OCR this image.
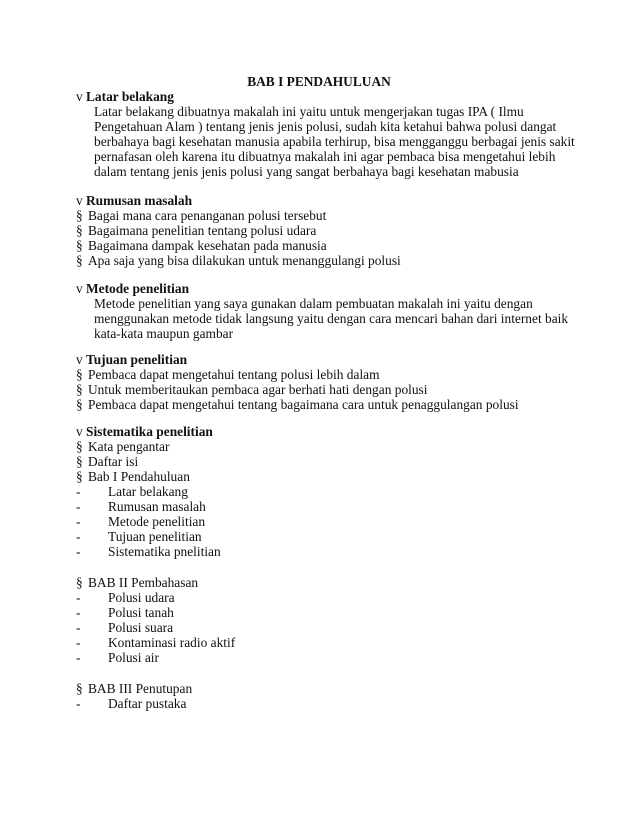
BAB I PENDAHULUAN
v Latar belakang
Latar belakang dibuatnya makalah ini yaitu untuk mengerjakan tugas IPA ( Ilmu
Pengetahuan Alam ) tentang jenis jenis polusi, sudah kita ketahui bahwa polusi dangat
berbahaya bagi kesehatan manusia apabila terhirup, bisa mengganggu berbagai jenis sakit
pernafasan oleh karena itu dibuatnya makalah ini agar pembaca bisa mengetahui lebih
dalam tentang jenis jenis polusi yang sangat berbahaya bagi kesehatan mabusia
v Rumusan masalah
§ Bagai mana cara penanganan polusi tersebut
§ Bagaimana penelitian tentang polusi udara
§ Bagaimana dampak kesehatan pada manusia
§ Apa saja yang bisa dilakukan untuk menanggulangi polusi
v Metode penelitian
Metode penelitian yang saya gunakan dalam pembuatan makalah ini yaitu dengan
menggunakan metode tidak langsung yaitu dengan cara mencari bahan dari internet baik
kata-kata maupun gambar
v Tujuan penelitian
§ Pembaca dapat mengetahui tentang polusi lebih dalam
§ Untuk memberitaukan pembaca agar berhati hati dengan polusi
§ Pembaca dapat mengetahui tentang bagaimana cara untuk penaggulangan polusi
v Sistematika penelitian
§ Kata pengantar
§ Daftar isi
§ Bab I Pendahuluan
- Latar belakang
- Rumusan masalah
- Metode penelitian
- Tujuan penelitian
- Sistematika pnelitian
§ BAB II Pembahasan
- Polusi udara
- Polusi tanah
- Polusi suara
- Kontaminasi radio aktif
- Polusi air
§ BAB III Penutupan
- Daftar pustaka
